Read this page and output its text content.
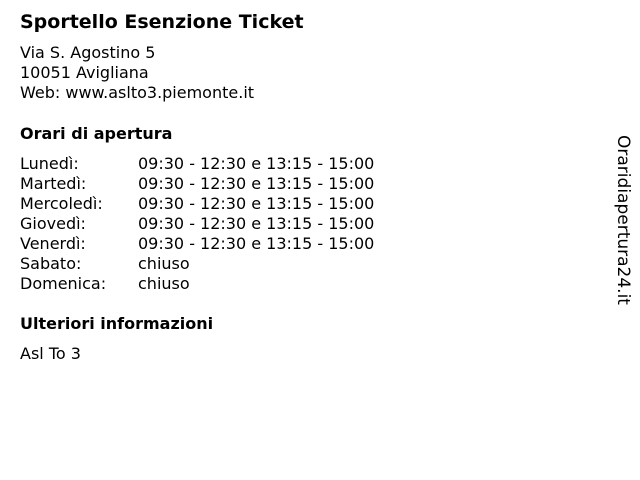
Sportello Esenzione Ticket
Via S. Agostino 5
10051 Avigliana
Web: www.aslto3.piemonte.it
Orari di apertura
Lunedì:	09:30 - 12:30 e 13:15 - 15:00
Martedì:	09:30 - 12:30 e 13:15 - 15:00
Mercoledì:	09:30 - 12:30 e 13:15 - 15:00
Giovedì:	09:30 - 12:30 e 13:15 - 15:00
Venerdì:	09:30 - 12:30 e 13:15 - 15:00
Sabato:	chiuso
Domenica:	chiuso
Ulteriori informazioni
Asl To 3
Oraridiapertura24.it
